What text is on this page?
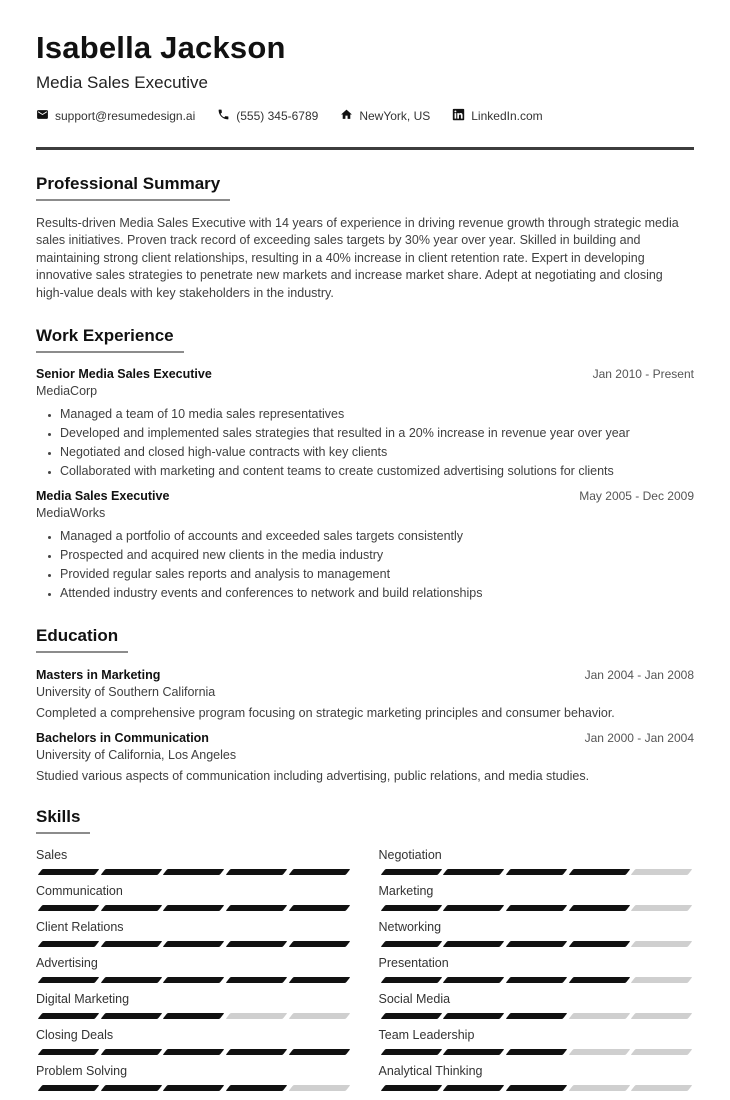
Isabella Jackson
Media Sales Executive
support@resumedesign.ai	(555) 345-6789	NewYork, US	LinkedIn.com
Professional Summary

Results-driven Media Sales Executive with 14 years of experience in driving revenue growth through strategic media sales initiatives. Proven track record of exceeding sales targets by 30% year over year. Skilled in building and maintaining strong client relationships, resulting in a 40% increase in client retention rate. Expert in developing innovative sales strategies to penetrate new markets and increase market share. Adept at negotiating and closing high-value deals with key stakeholders in the industry.

Work Experience
Senior Media Sales Executive	Jan 2010 - Present
MediaCorp
• Managed a team of 10 media sales representatives
• Developed and implemented sales strategies that resulted in a 20% increase in revenue year over year
• Negotiated and closed high-value contracts with key clients
• Collaborated with marketing and content teams to create customized advertising solutions for clients
Media Sales Executive	May 2005 - Dec 2009
MediaWorks
• Managed a portfolio of accounts and exceeded sales targets consistently
• Prospected and acquired new clients in the media industry
• Provided regular sales reports and analysis to management
• Attended industry events and conferences to network and build relationships
Education
Masters in Marketing	Jan 2004 - Jan 2008
University of Southern California
Completed a comprehensive program focusing on strategic marketing principles and consumer behavior.
Bachelors in Communication	Jan 2000 - Jan 2004
University of California, Los Angeles
Studied various aspects of communication including advertising, public relations, and media studies.
Skills
Sales
Communication
Client Relations
Advertising
Digital Marketing
Closing Deals
Problem Solving
Negotiation
Marketing
Networking
Presentation
Social Media
Team Leadership
Analytical Thinking
